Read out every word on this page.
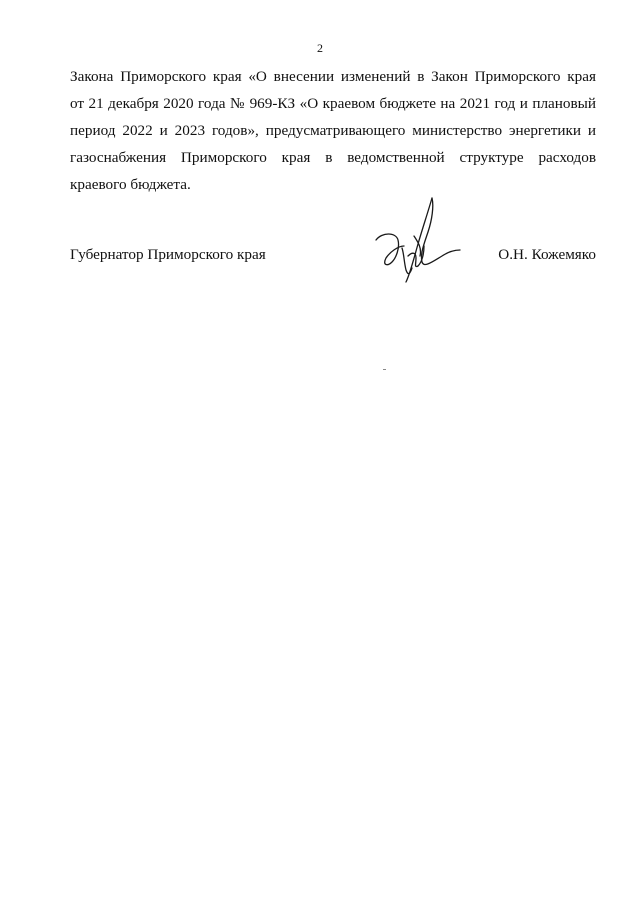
2

Закона Приморского края «О внесении изменений в Закон Приморского края
от 21 декабря 2020 года № 969-КЗ «О краевом бюджете на 2021 год и плановый
период 2022 и 2023 годов», предусматривающего министерство энергетики и
газоснабжения Приморского края в ведомственной структуре расходов
краевого бюджета.

Губернатор Приморского края	О.Н. Кожемяко
